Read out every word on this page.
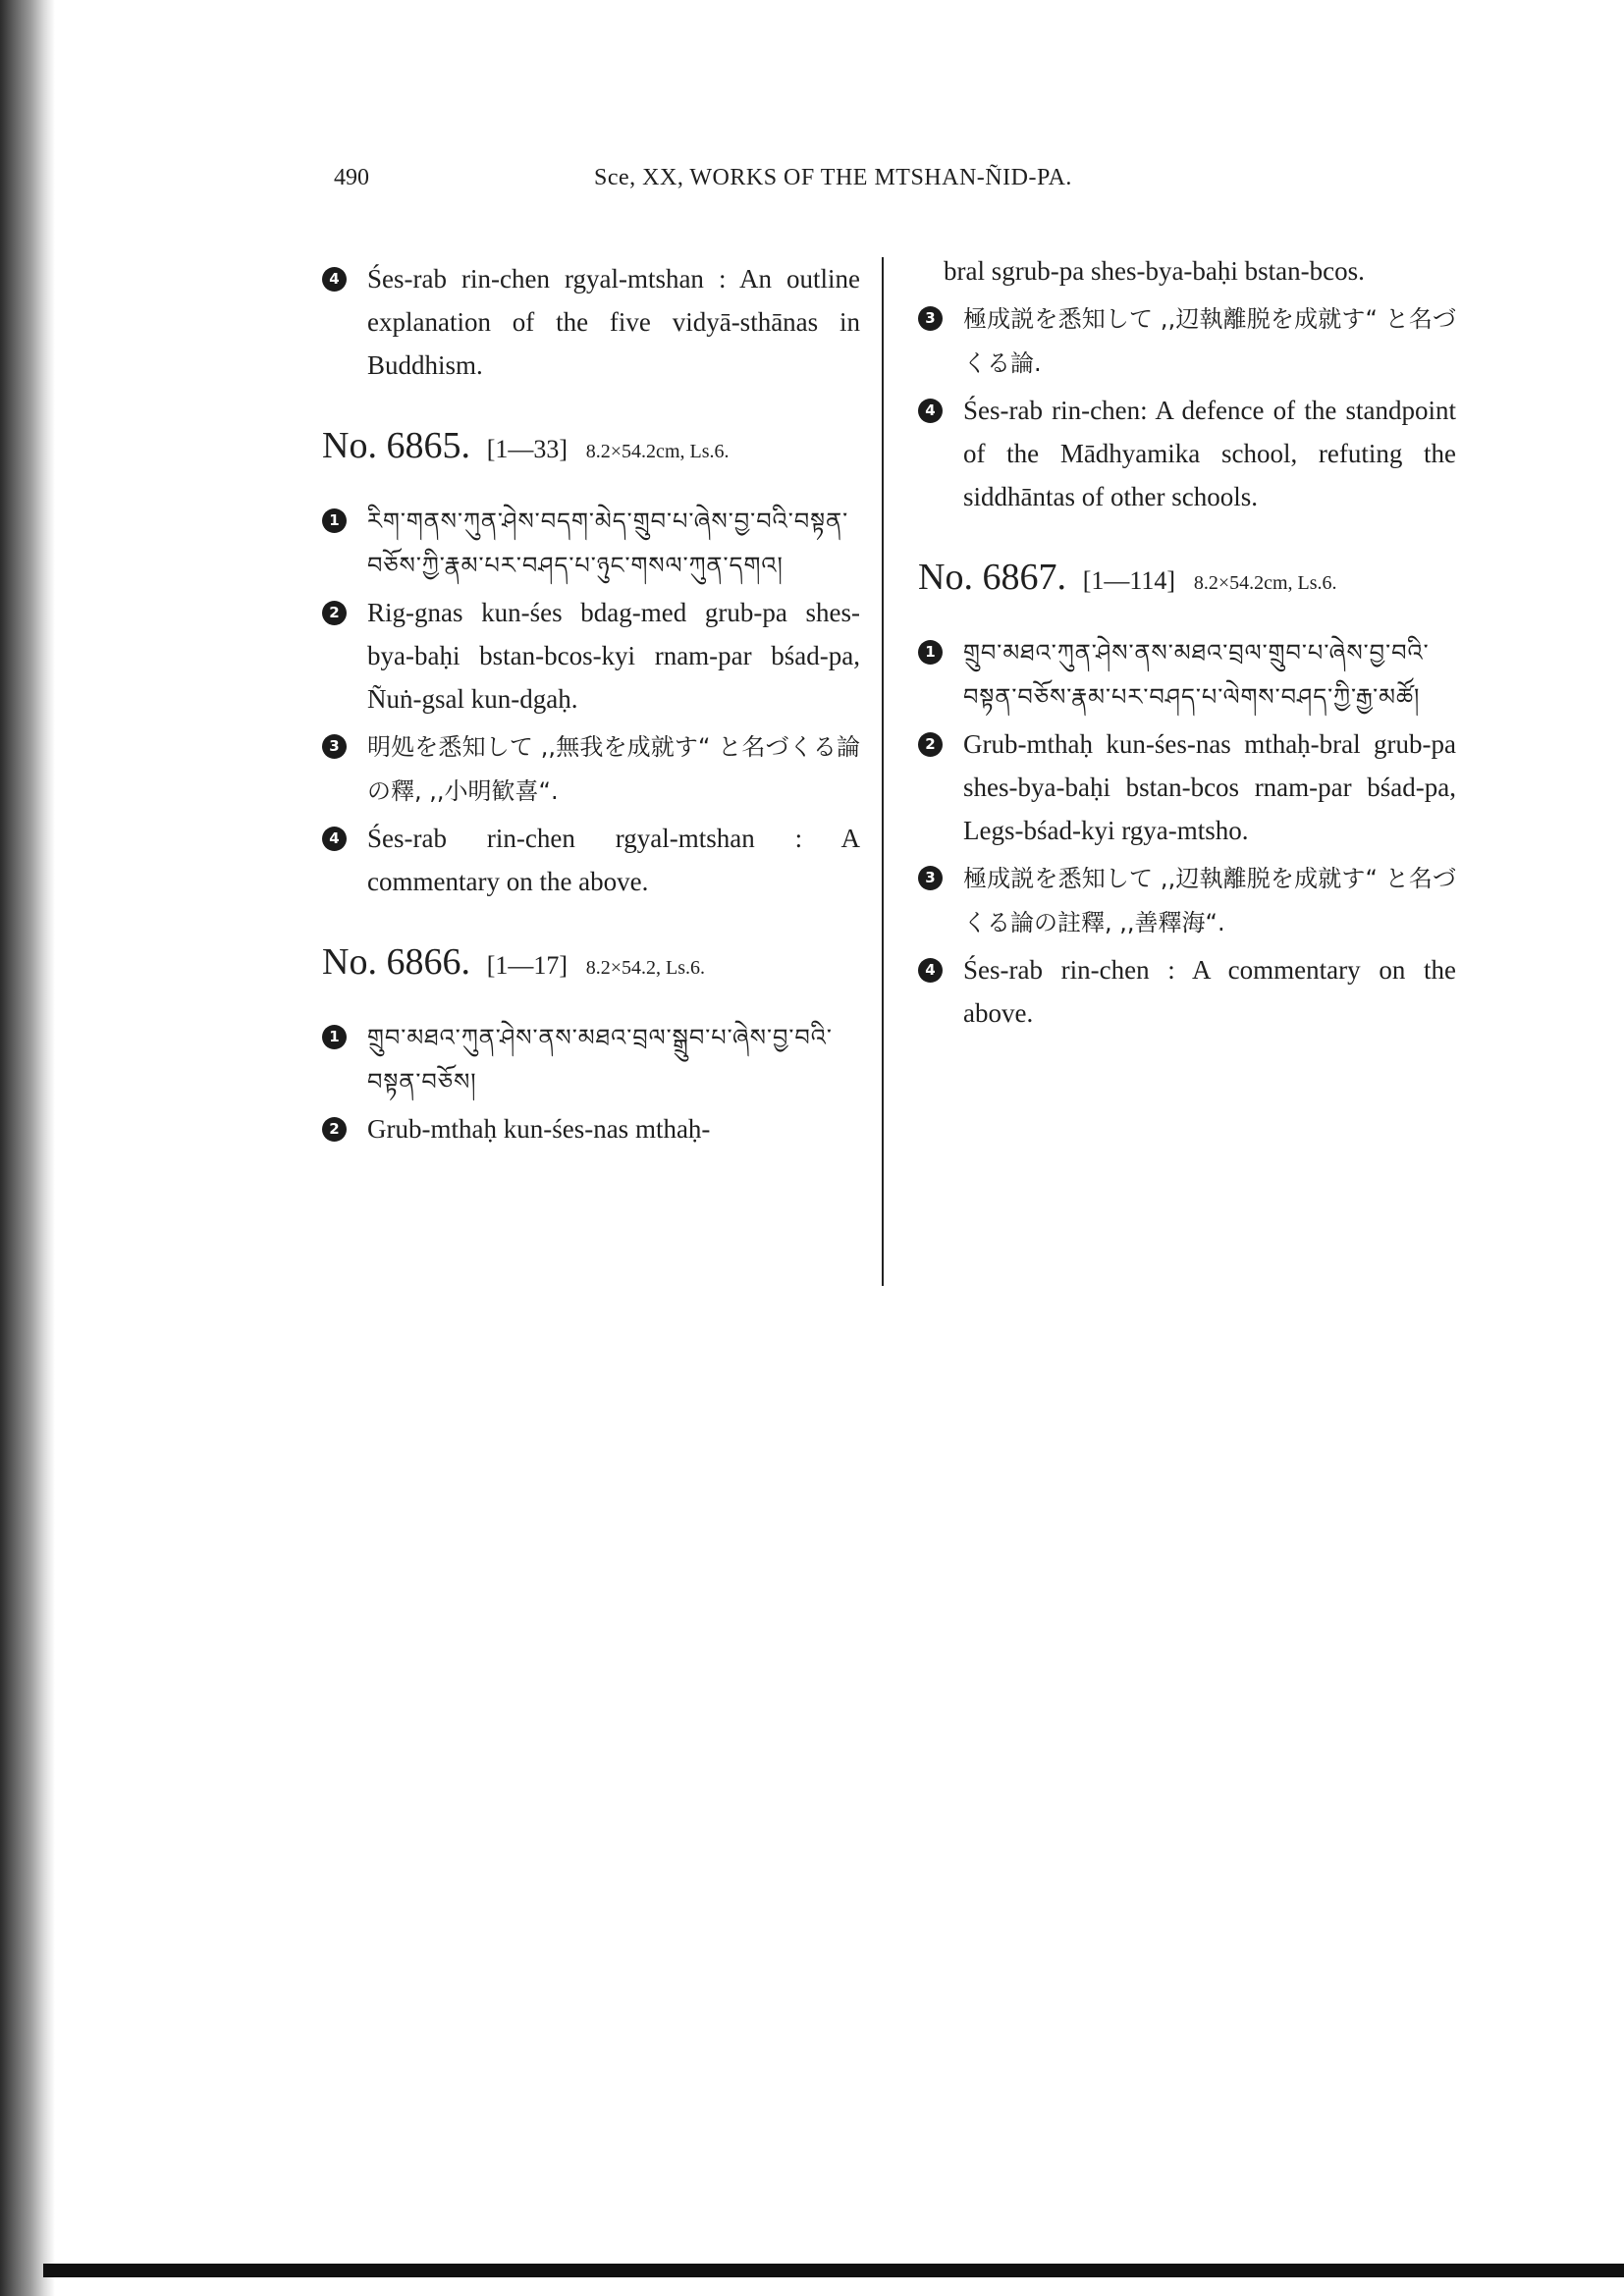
490	Sce, XX, WORKS OF THE MTSHAN-ÑID-PA.
4 Śes-rab rin-chen rgyal-mtshan : An outline explanation of the five vidyā-sthānas in Buddhism.
No. 6865. [1—33] 8.2×54.2cm, Ls.6.
1	རིག་གནས་ཀུན་ཤེས་བདག་མེད་གྲུབ་པ་ཞེས་བྱ་བའི་བསྟན་བཅོས་ཀྱི་རྣམ་པར་བཤད་པ་ཉུང་གསལ་ཀུན་དགའ།
2 Rig-gnas kun-śes bdag-med grub-pa shes-bya-baḥi bstan-bcos-kyi rnam-par bśad-pa, Ñuṅ-gsal kun-dgaḥ.
3	明処を悉知して ,,無我を成就す“ と名づくる論の釋, ,,小明歓喜“.
4 Śes-rab rin-chen rgyal-mtshan : A commentary on the above.
No. 6866. [1—17] 8.2×54.2, Ls.6.
1	གྲུབ་མཐའ་ཀུན་ཤེས་ནས་མཐའ་བྲལ་སྒྲུབ་པ་ཞེས་བྱ་བའི་བསྟན་བཅོས།
2 Grub-mthaḥ kun-śes-nas mthaḥ-
bral sgrub-pa shes-bya-baḥi bstan-bcos.
3	極成説を悉知して ,,辺執離脱を成就す“ と名づくる論.
4 Śes-rab rin-chen: A defence of the standpoint of the Mādhyamika school, refuting the siddhāntas of other schools.
No. 6867. [1—114] 8.2×54.2cm, Ls.6.
1	གྲུབ་མཐའ་ཀུན་ཤེས་ནས་མཐའ་བྲལ་གྲུབ་པ་ཞེས་བྱ་བའི་བསྟན་བཅོས་རྣམ་པར་བཤད་པ་ལེགས་བཤད་ཀྱི་རྒྱ་མཚོ།
2 Grub-mthaḥ kun-śes-nas mthaḥ-bral grub-pa shes-bya-baḥi bstan-bcos rnam-par bśad-pa, Legs-bśad-kyi rgya-mtsho.
3	極成説を悉知して ,,辺執離脱を成就す“ と名づくる論の註釋, ,,善釋海“.
4 Śes-rab rin-chen : A commentary on the above.
